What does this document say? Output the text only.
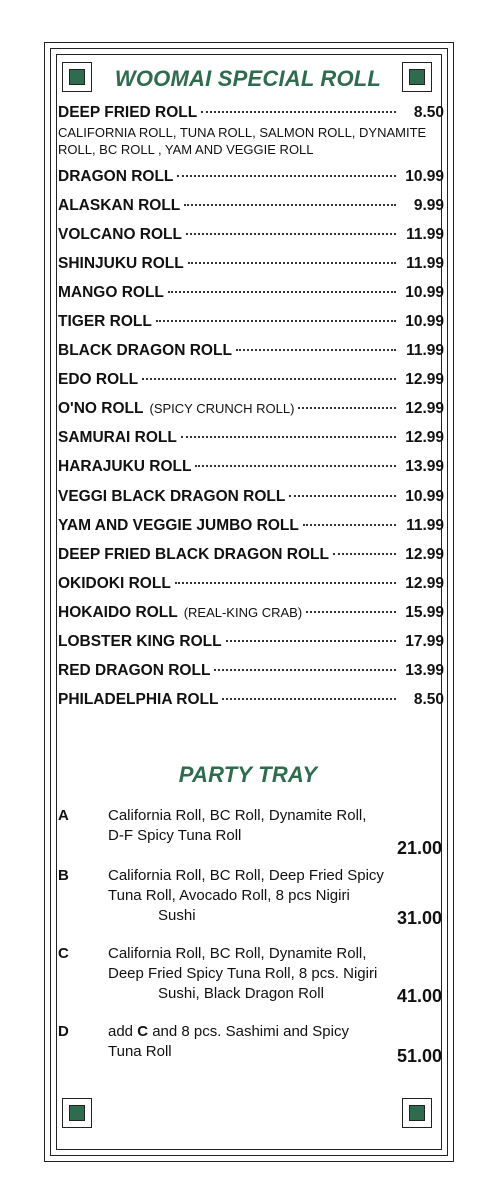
WOOMAI SPECIAL ROLL
DEEP FRIED ROLL	8.50
CALIFORNIA ROLL, TUNA ROLL, SALMON ROLL, DYNAMITE ROLL, BC ROLL , YAM AND VEGGIE ROLL
DRAGON ROLL	10.99
ALASKAN ROLL	9.99
VOLCANO ROLL	11.99
SHINJUKU ROLL	11.99
MANGO ROLL	10.99
TIGER ROLL	10.99
BLACK DRAGON ROLL	11.99
EDO ROLL	12.99
O'NO ROLL (SPICY CRUNCH ROLL)	12.99
SAMURAI ROLL	12.99
HARAJUKU ROLL	13.99
VEGGI BLACK DRAGON ROLL	10.99
YAM AND VEGGIE JUMBO ROLL	11.99
DEEP FRIED BLACK DRAGON ROLL	12.99
OKIDOKI ROLL	12.99
HOKAIDO ROLL (REAL-KING CRAB)	15.99
LOBSTER KING ROLL	17.99
RED DRAGON ROLL	13.99
PHILADELPHIA ROLL	8.50
PARTY TRAY
A	California Roll, BC Roll, Dynamite Roll,
D-F Spicy Tuna Roll
21.00
B	California Roll, BC Roll, Deep Fried Spicy
Tuna Roll, Avocado Roll, 8 pcs Nigiri
Sushi	31.00
C	California Roll, BC Roll, Dynamite Roll,
Deep Fried Spicy Tuna Roll, 8 pcs. Nigiri
Sushi, Black Dragon Roll	41.00
D	add C and 8 pcs. Sashimi and Spicy
Tuna Roll	51.00
